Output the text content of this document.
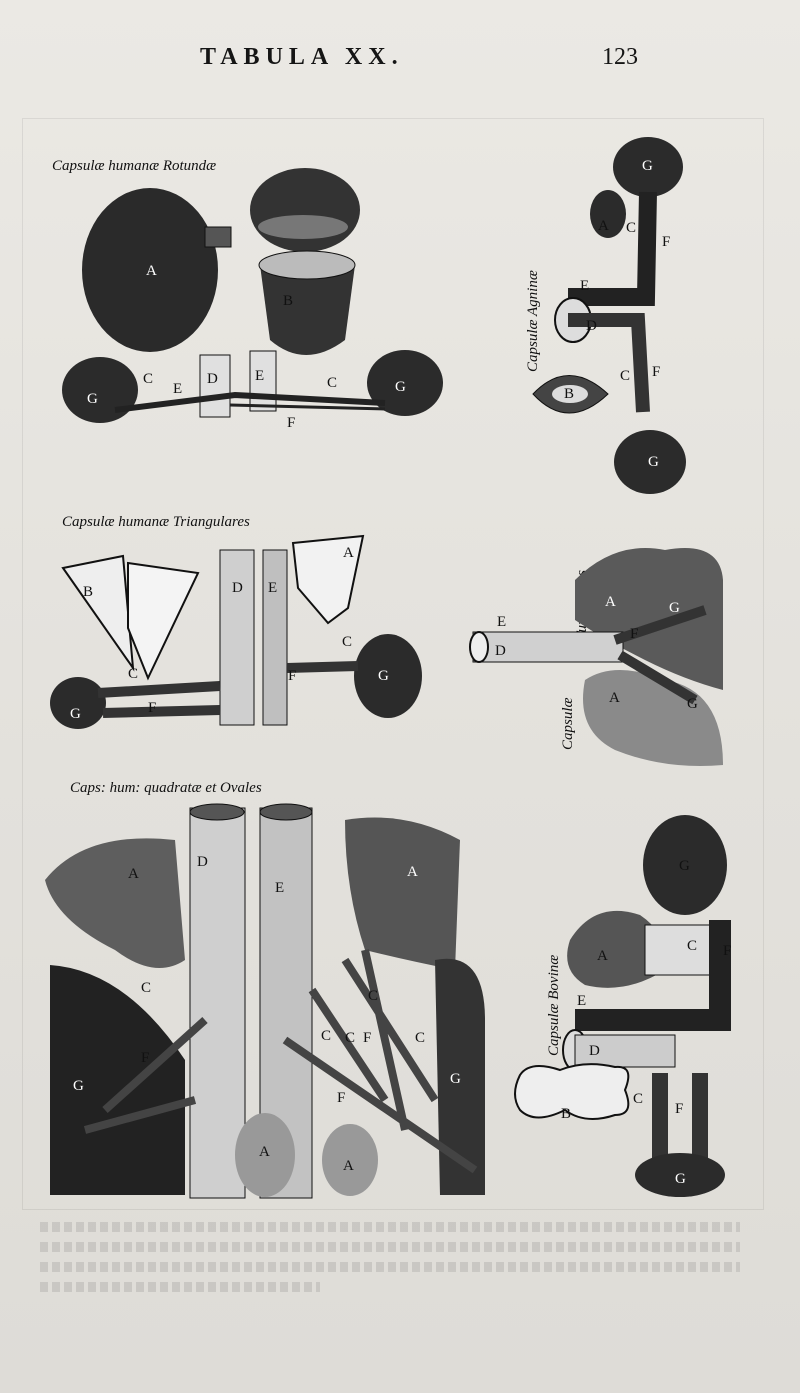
TABULA XX.	123
Capsulæ humanæ Rotundæ
A
B
C
E
D E	C
G
G
F
Capsulæ Agninæ
G
A C
F
E
D
C F
B
G
Capsulæ humanæ Triangulares
B	D E
A
C
C	F	G
G	F	Capsulæ
E
D
A	G
F
A	G
Caps: hum: quadratæ et Ovales
A
D
E
A
C	C
F
C C	C
F
G	G
F
A
A
Capsulæ Bovinæ
G
A
C F
E
D
C
B	F
G
